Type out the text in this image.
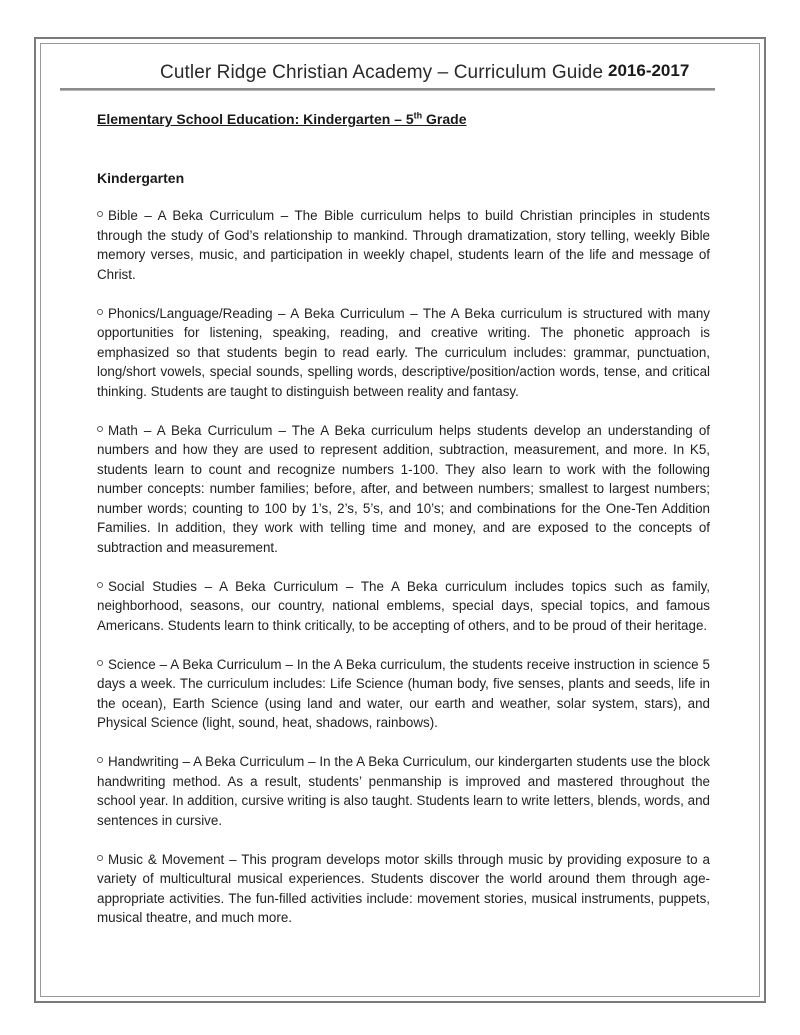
Cutler Ridge Christian Academy – Curriculum Guide 2016-2017
Elementary School Education: Kindergarten – 5th Grade
Kindergarten

Bible – A Beka Curriculum – The Bible curriculum helps to build Christian principles in students through the study of God’s relationship to mankind. Through dramatization, story telling, weekly Bible memory verses, music, and participation in weekly chapel, students learn of the life and message of Christ.

Phonics/Language/Reading – A Beka Curriculum – The A Beka curriculum is structured with many opportunities for listening, speaking, reading, and creative writing. The phonetic approach is emphasized so that students begin to read early. The curriculum includes: grammar, punctuation, long/short vowels, special sounds, spelling words, descriptive/position/action words, tense, and critical thinking. Students are taught to distinguish between reality and fantasy.

Math – A Beka Curriculum – The A Beka curriculum helps students develop an understanding of numbers and how they are used to represent addition, subtraction, measurement, and more. In K5, students learn to count and recognize numbers 1-100. They also learn to work with the following number concepts: number families; before, after, and between numbers; smallest to largest numbers; number words; counting to 100 by 1’s, 2’s, 5’s, and 10’s; and combinations for the One-Ten Addition Families. In addition, they work with telling time and money, and are exposed to the concepts of subtraction and measurement.

Social Studies – A Beka Curriculum – The A Beka curriculum includes topics such as family, neighborhood, seasons, our country, national emblems, special days, special topics, and famous Americans. Students learn to think critically, to be accepting of others, and to be proud of their heritage.

Science – A Beka Curriculum – In the A Beka curriculum, the students receive instruction in science 5 days a week. The curriculum includes: Life Science (human body, five senses, plants and seeds, life in the ocean), Earth Science (using land and water, our earth and weather, solar system, stars), and Physical Science (light, sound, heat, shadows, rainbows).

Handwriting – A Beka Curriculum – In the A Beka Curriculum, our kindergarten students use the block handwriting method. As a result, students’ penmanship is improved and mastered throughout the school year. In addition, cursive writing is also taught. Students learn to write letters, blends, words, and sentences in cursive.

Music & Movement – This program develops motor skills through music by providing exposure to a variety of multicultural musical experiences. Students discover the world around them through age-appropriate activities. The fun-filled activities include: movement stories, musical instruments, puppets, musical theatre, and much more.
